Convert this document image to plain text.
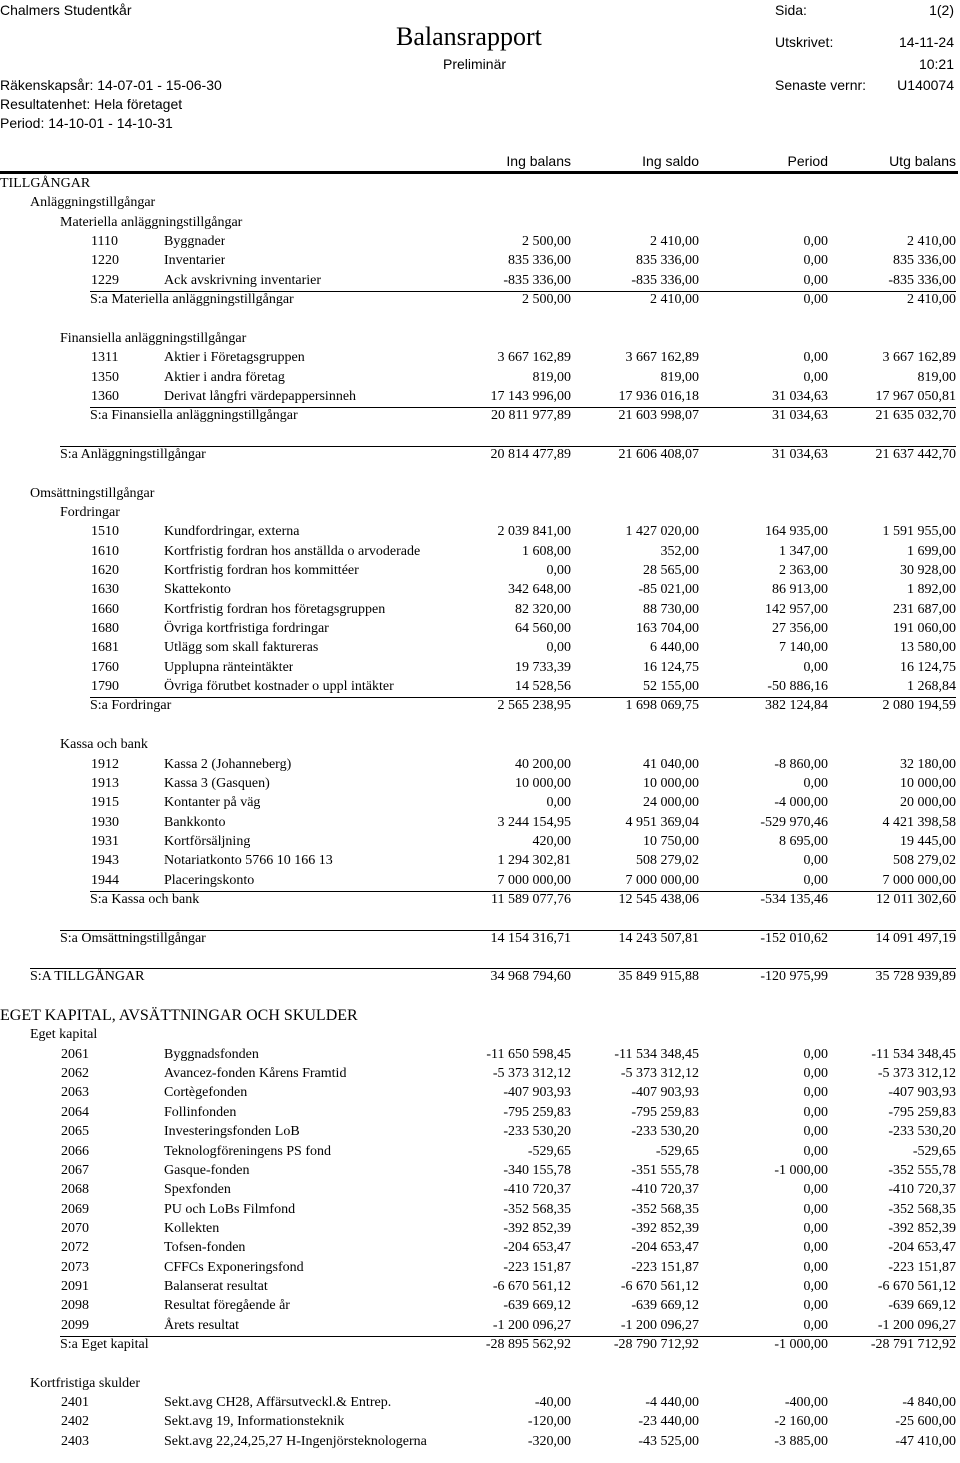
Chalmers Studentkår
Balansrapport
Preliminär
Sida:	1(2)
Utskrivet:	14-11-24
10:21
Senaste vernr: U140074
Räkenskapsår: 14-07-01 - 15-06-30
Resultatenhet: Hela företaget
Period: 14-10-01 - 14-10-31
Ing balans	Ing saldo	Period	Utg balans
TILLGÅNGAR
Anläggningstillgångar
Materiella anläggningstillgångar
1110	Byggnader	2 500,00	2 410,00	0,00	2 410,00
1220	Inventarier	835 336,00	835 336,00	0,00	835 336,00
1229	Ack avskrivning inventarier	-835 336,00	-835 336,00	0,00	-835 336,00
S:a Materiella anläggningstillgångar	2 500,00	2 410,00	0,00	2 410,00
Finansiella anläggningstillgångar
1311	Aktier i Företagsgruppen	3 667 162,89	3 667 162,89	0,00	3 667 162,89
1350	Aktier i andra företag	819,00	819,00	0,00	819,00
1360	Derivat långfri värdepappersinneh	17 143 996,00	17 936 016,18	31 034,63	17 967 050,81
S:a Finansiella anläggningstillgångar	20 811 977,89	21 603 998,07	31 034,63	21 635 032,70
S:a Anläggningstillgångar	20 814 477,89	21 606 408,07	31 034,63	21 637 442,70
Omsättningstillgångar
Fordringar
1510	Kundfordringar, externa	2 039 841,00	1 427 020,00	164 935,00	1 591 955,00
1610	Kortfristig fordran hos anställda o arvoderade	1 608,00	352,00	1 347,00	1 699,00
1620	Kortfristig fordran hos kommittéer	0,00	28 565,00	2 363,00	30 928,00
1630	Skattekonto	342 648,00	-85 021,00	86 913,00	1 892,00
1660	Kortfristig fordran hos företagsgruppen	82 320,00	88 730,00	142 957,00	231 687,00
1680	Övriga kortfristiga fordringar	64 560,00	163 704,00	27 356,00	191 060,00
1681	Utlägg som skall faktureras	0,00	6 440,00	7 140,00	13 580,00
1760	Upplupna ränteintäkter	19 733,39	16 124,75	0,00	16 124,75
1790	Övriga förutbet kostnader o uppl intäkter	14 528,56	52 155,00	-50 886,16	1 268,84
S:a Fordringar	2 565 238,95	1 698 069,75	382 124,84	2 080 194,59
Kassa och bank
1912	Kassa 2 (Johanneberg)	40 200,00	41 040,00	-8 860,00	32 180,00
1913	Kassa 3 (Gasquen)	10 000,00	10 000,00	0,00	10 000,00
1915	Kontanter på väg	0,00	24 000,00	-4 000,00	20 000,00
1930	Bankkonto	3 244 154,95	4 951 369,04	-529 970,46	4 421 398,58
1931	Kortförsäljning	420,00	10 750,00	8 695,00	19 445,00
1943	Notariatkonto 5766 10 166 13	1 294 302,81	508 279,02	0,00	508 279,02
1944	Placeringskonto	7 000 000,00	7 000 000,00	0,00	7 000 000,00
S:a Kassa och bank	11 589 077,76	12 545 438,06	-534 135,46	12 011 302,60
S:a Omsättningstillgångar	14 154 316,71	14 243 507,81	-152 010,62	14 091 497,19
S:A TILLGÅNGAR	34 968 794,60	35 849 915,88	-120 975,99	35 728 939,89
EGET KAPITAL, AVSÄTTNINGAR OCH SKULDER
Eget kapital
2061	Byggnadsfonden	-11 650 598,45	-11 534 348,45	0,00	-11 534 348,45
2062	Avancez-fonden Kårens Framtid	-5 373 312,12	-5 373 312,12	0,00	-5 373 312,12
2063	Cortègefonden	-407 903,93	-407 903,93	0,00	-407 903,93
2064	Follinfonden	-795 259,83	-795 259,83	0,00	-795 259,83
2065	Investeringsfonden LoB	-233 530,20	-233 530,20	0,00	-233 530,20
2066	Teknologföreningens PS fond	-529,65	-529,65	0,00	-529,65
2067	Gasque-fonden	-340 155,78	-351 555,78	-1 000,00	-352 555,78
2068	Spexfonden	-410 720,37	-410 720,37	0,00	-410 720,37
2069	PU och LoBs Filmfond	-352 568,35	-352 568,35	0,00	-352 568,35
2070	Kollekten	-392 852,39	-392 852,39	0,00	-392 852,39
2072	Tofsen-fonden	-204 653,47	-204 653,47	0,00	-204 653,47
2073	CFFCs Exponeringsfond	-223 151,87	-223 151,87	0,00	-223 151,87
2091	Balanserat resultat	-6 670 561,12	-6 670 561,12	0,00	-6 670 561,12
2098	Resultat föregående år	-639 669,12	-639 669,12	0,00	-639 669,12
2099	Årets resultat	-1 200 096,27	-1 200 096,27	0,00	-1 200 096,27
S:a Eget kapital	-28 895 562,92	-28 790 712,92	-1 000,00	-28 791 712,92
Kortfristiga skulder
2401	Sekt.avg CH28, Affärsutveckl.& Entrep.	-40,00	-4 440,00	-400,00	-4 840,00
2402	Sekt.avg 19, Informationsteknik	-120,00	-23 440,00	-2 160,00	-25 600,00
2403	Sekt.avg 22,24,25,27 H-Ingenjörsteknologerna	-320,00	-43 525,00	-3 885,00	-47 410,00
